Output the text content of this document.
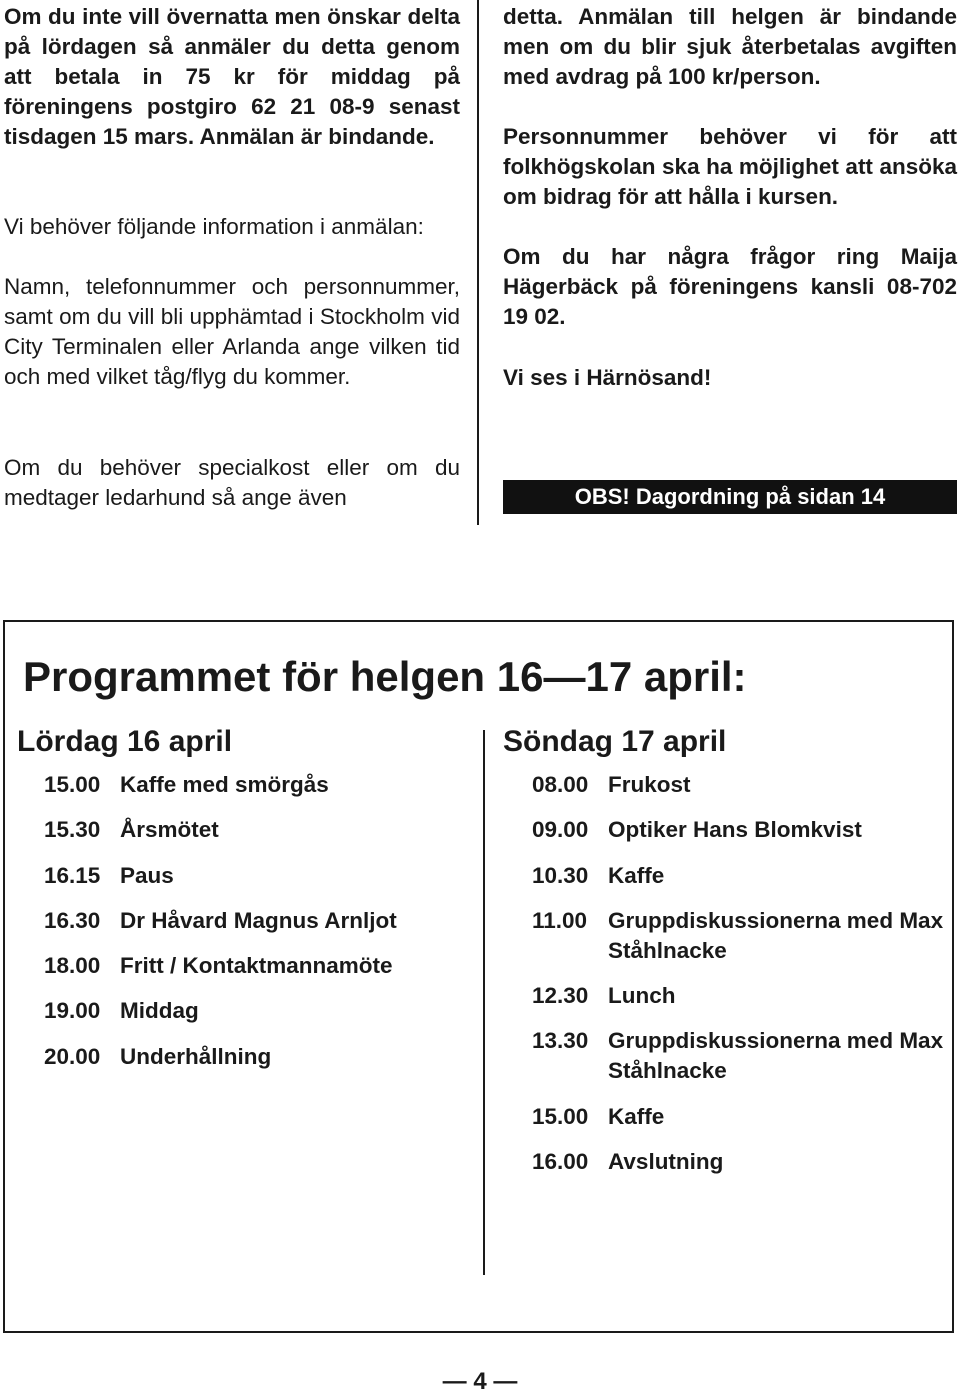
Om du inte vill övernatta men önskar delta på lördagen så anmäler du detta genom att betala in 75 kr för middag på föreningens postgiro 62 21 08-9 senast tisdagen 15 mars. Anmälan är bindande.

Vi behöver följande information i anmälan:

Namn, telefonnummer och personnummer, samt om du vill bli upphämtad i Stockholm vid City Terminalen eller Arlanda ange vilken tid och med vilket tåg/flyg du kommer.

Om du behöver specialkost eller om du medtager ledarhund så ange även

detta. Anmälan till helgen är bindande men om du blir sjuk återbetalas avgiften med avdrag på 100 kr/person.

Personnummer behöver vi för att folkhögskolan ska ha möjlighet att ansöka om bidrag för att hålla i kursen.

Om du har några frågor ring Maija Hägerbäck på föreningens kansli 08-702 19 02.

Vi ses i Härnösand!

OBS! Dagordning på sidan 14
Programmet för helgen 16—17 april:
Lördag 16 april
15.00 Kaffe med smörgås
15.30 Årsmötet
16.15 Paus
16.30 Dr Håvard Magnus Arnljot
18.00 Fritt / Kontaktmannamöte
19.00 Middag
20.00 Underhållning
Söndag 17 april
08.00 Frukost
09.00 Optiker Hans Blomkvist
10.30 Kaffe
11.00 Gruppdiskussionerna med Max Ståhlnacke
12.30 Lunch
13.30 Gruppdiskussionerna med Max Ståhlnacke
15.00 Kaffe
16.00 Avslutning
— 4 —
